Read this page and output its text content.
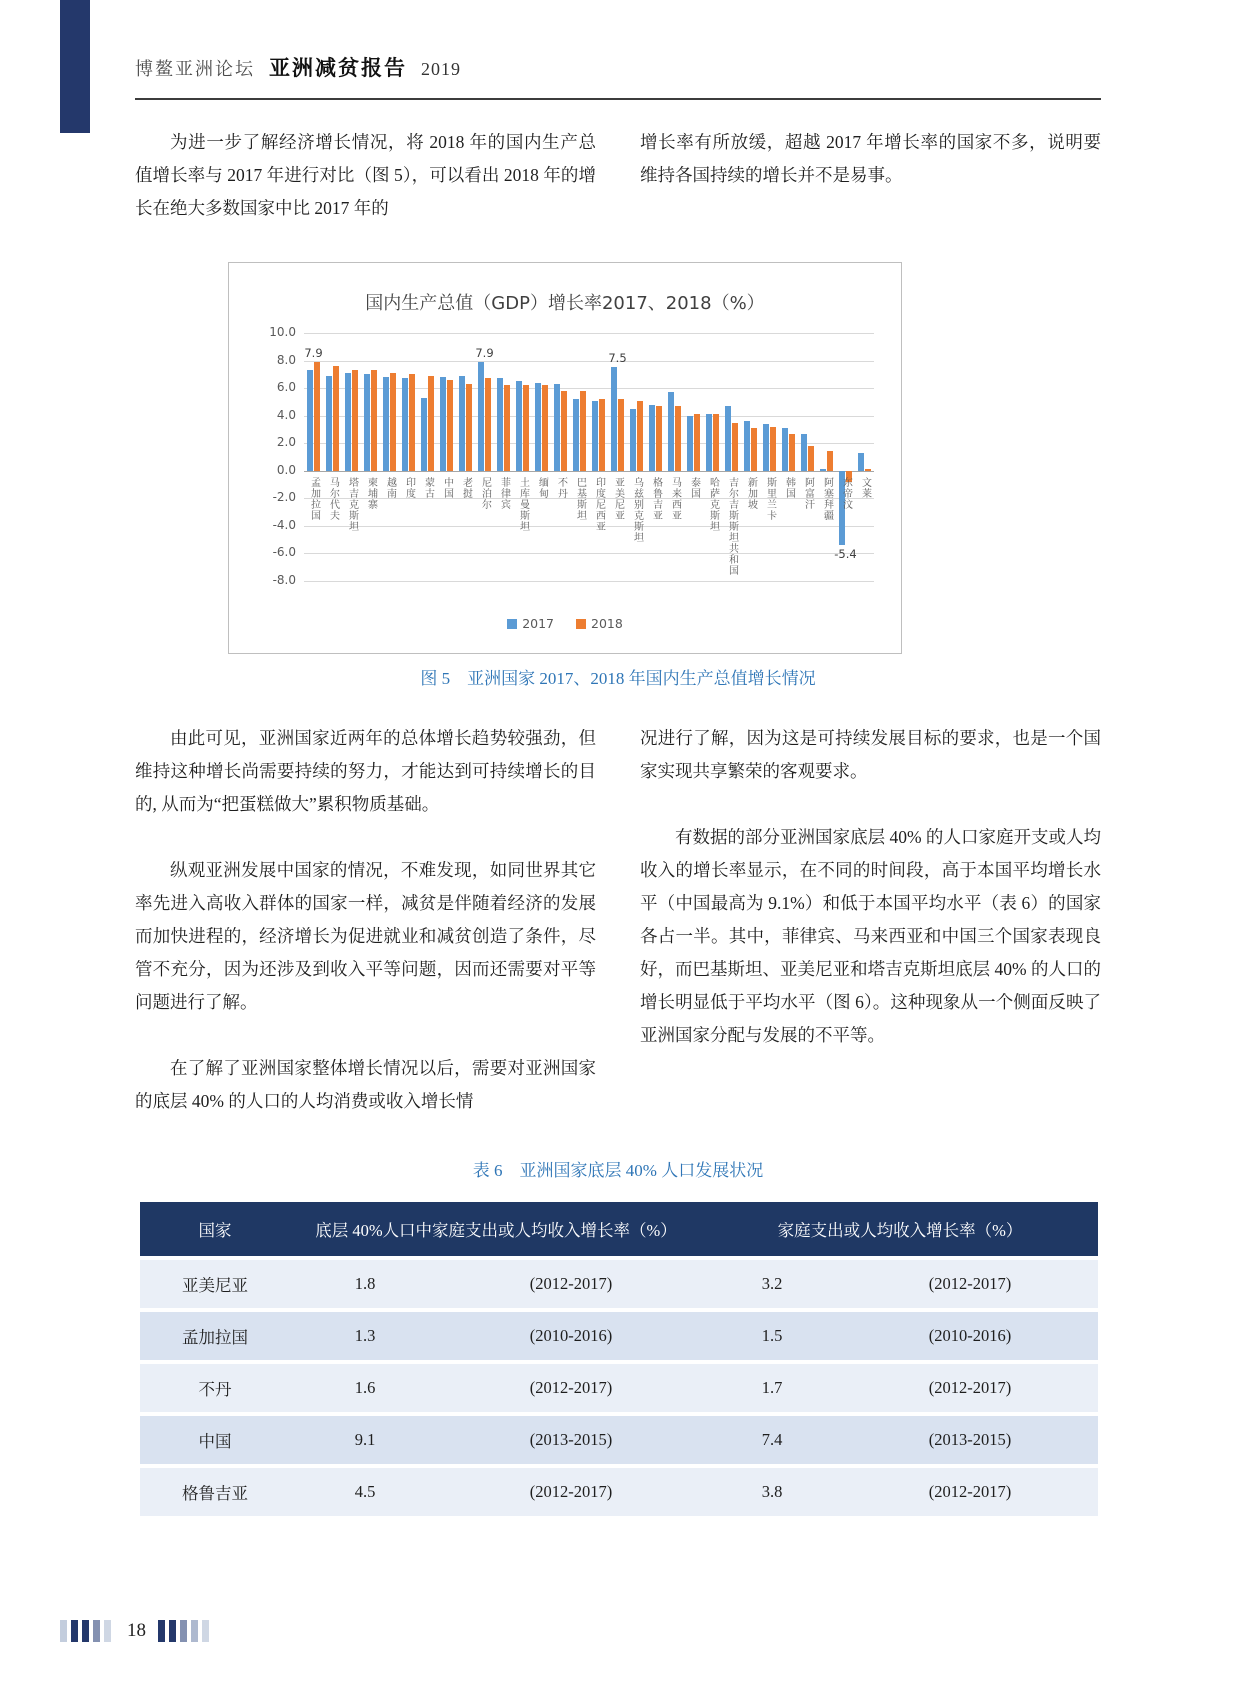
博鳌亚洲论坛 亚洲减贫报告 2019

为进一步了解经济增长情况，将 2018 年的国内生产总值增长率与 2017 年进行对比（图 5），可以看出 2018 年的增长在绝大多数国家中比 2017 年的

增长率有所放缓，超越 2017 年增长率的国家不多，说明要维持各国持续的增长并不是易事。

国内生产总值（GDP）增长率2017、2018（%）
10.0
8.0
6.0
4.0
2.0
0.0
-2.0
-4.0
-6.0
-8.0
孟加拉国 马尔代夫 塔吉克斯坦 柬埔寨 越南 印度 蒙古 中国 老挝 尼泊尔 菲律宾 土库曼斯坦 缅甸 不丹 巴基斯坦 印度尼西亚 亚美尼亚 乌兹别克斯坦 格鲁吉亚 马来西亚 泰国 哈萨克斯坦 吉尔吉斯斯坦共和国 新加坡 斯里兰卡 韩国 阿富汗 阿塞拜疆 东帝汶 文莱
7.9	7.9	7.5
-5.4
2017	2018
图 5　亚洲国家 2017、2018 年国内生产总值增长情况

由此可见，亚洲国家近两年的总体增长趋势较强劲，但维持这种增长尚需要持续的努力，才能达到可持续增长的目的, 从而为“把蛋糕做大”累积物质基础。

纵观亚洲发展中国家的情况，不难发现，如同世界其它率先进入高收入群体的国家一样，减贫是伴随着经济的发展而加快进程的，经济增长为促进就业和减贫创造了条件，尽管不充分，因为还涉及到收入平等问题，因而还需要对平等问题进行了解。

在了解了亚洲国家整体增长情况以后，需要对亚洲国家的底层 40% 的人口的人均消费或收入增长情

况进行了解，因为这是可持续发展目标的要求，也是一个国家实现共享繁荣的客观要求。

有数据的部分亚洲国家底层 40% 的人口家庭开支或人均收入的增长率显示，在不同的时间段，高于本国平均增长水平（中国最高为 9.1%）和低于本国平均水平（表 6）的国家各占一半。其中，菲律宾、马来西亚和中国三个国家表现良好，而巴基斯坦、亚美尼亚和塔吉克斯坦底层 40% 的人口的增长明显低于平均水平（图 6）。这种现象从一个侧面反映了亚洲国家分配与发展的不平等。

表 6　亚洲国家底层 40% 人口发展状况
国家	底层 40%人口中家庭支出或人均收入增长率（%）		家庭支出或人均收入增长率（%）	
亚美尼亚	1.8	(2012-2017)	3.2	(2012-2017)
孟加拉国	1.3	(2010-2016)	1.5	(2010-2016)
不丹	1.6	(2012-2017)	1.7	(2012-2017)
中国	9.1	(2013-2015)	7.4	(2013-2015)
格鲁吉亚	4.5	(2012-2017)	3.8	(2012-2017)
18
